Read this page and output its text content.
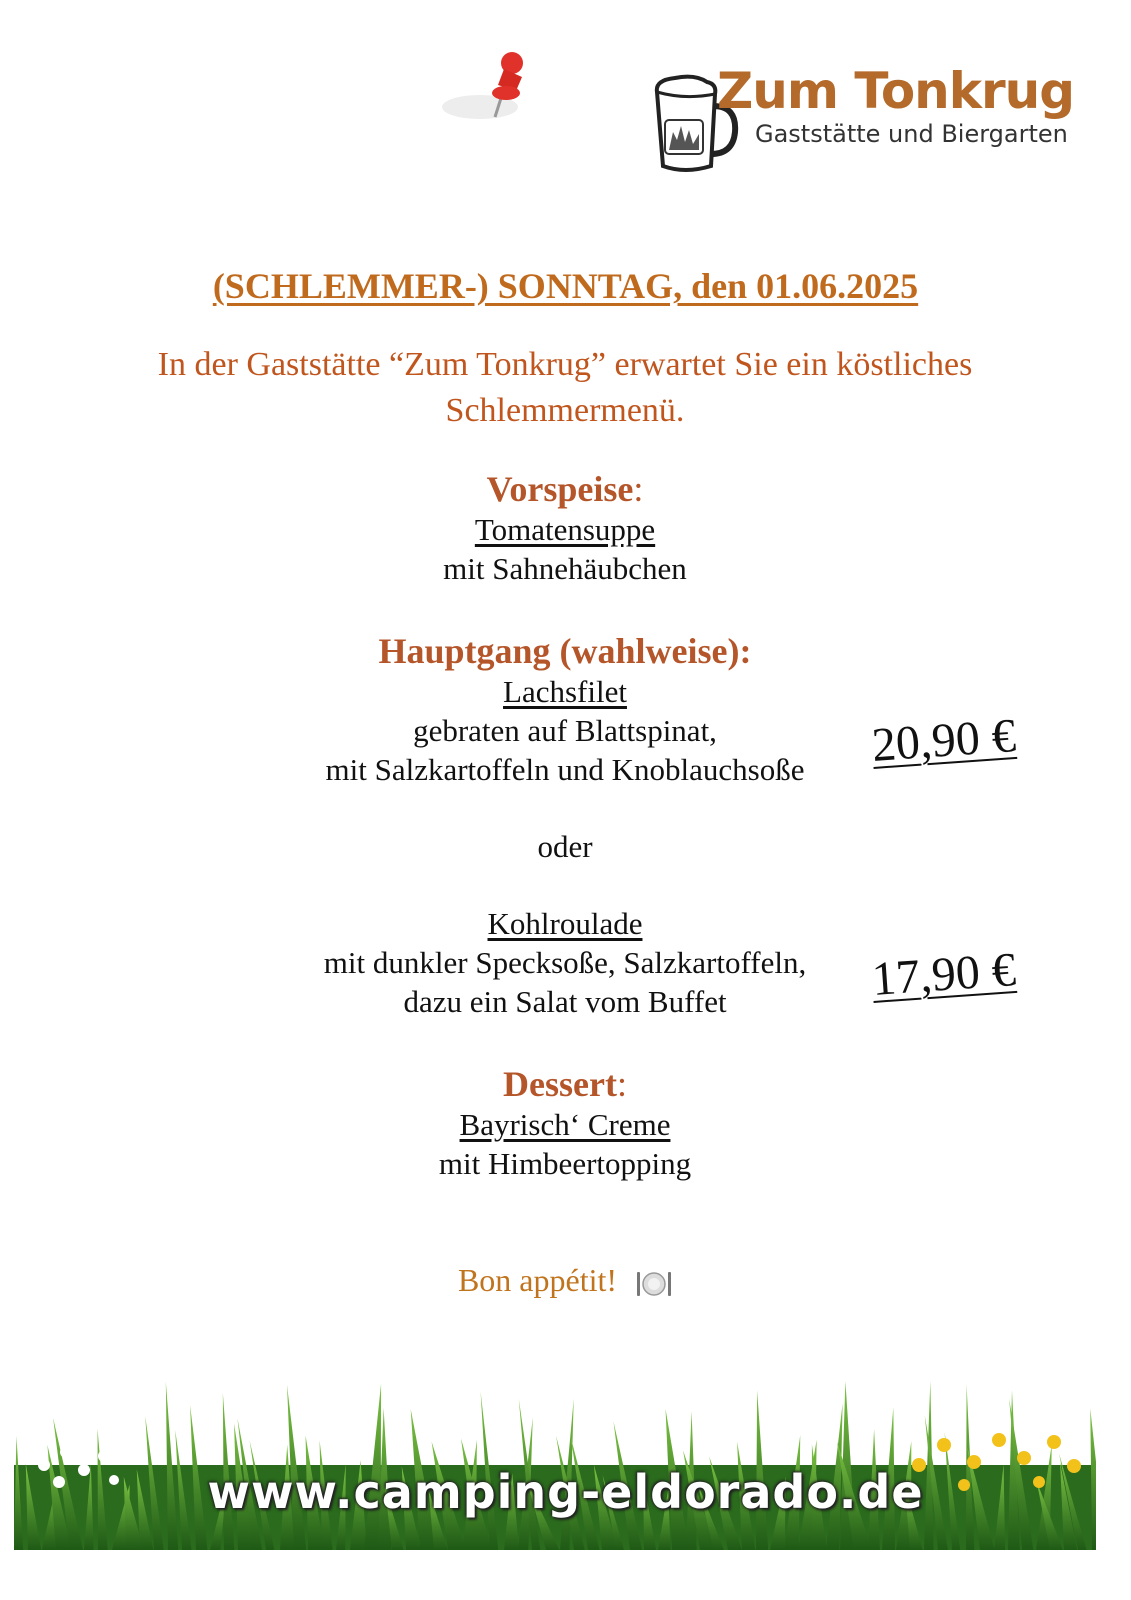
Zum Tonkrug
Gaststätte und Biergarten
(SCHLEMMER-) SONNTAG, den 01.06.2025
In der Gaststätte “Zum Tonkrug” erwartet Sie ein köstliches Schlemmermenü.
Vorspeise:
Tomatensuppe
mit Sahnehäubchen
Hauptgang (wahlweise):
Lachsfilet
gebraten auf Blattspinat,
mit Salzkartoffeln und Knoblauchsoße
oder
Kohlroulade
mit dunkler Specksoße, Salzkartoffeln,
dazu ein Salat vom Buffet
20,90 €
17,90 €
Dessert:
Bayrisch‘ Creme
mit Himbeertopping
Bon appétit!
www.camping-eldorado.de
